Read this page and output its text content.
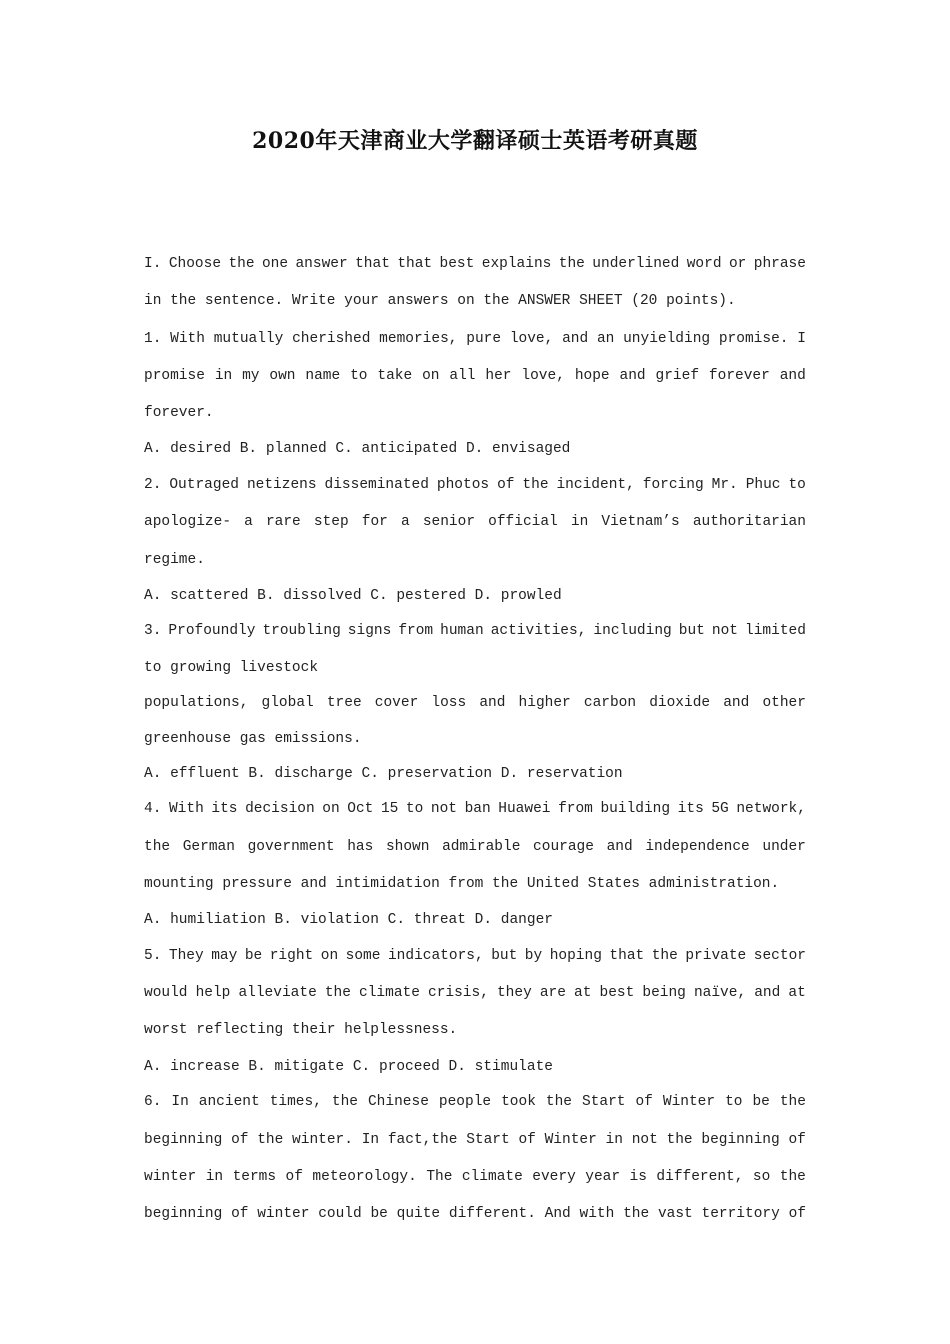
2020年天津商业大学翻译硕士英语考研真题
I. Choose the one answer that that best explains the underlined word or phrase
in the sentence. Write your answers on the ANSWER SHEET (20 points).
1. With mutually cherished memories, pure love, and an unyielding promise. I
promise in my own name to take on all her love, hope and grief forever and
forever.
A. desired B. planned C. anticipated D. envisaged
2. Outraged netizens disseminated photos of the incident, forcing Mr. Phuc to
apologize- a rare step for a senior official in Vietnam’s authoritarian
regime.
A. scattered B. dissolved C. pestered D. prowled
3. Profoundly troubling signs from human activities, including but not limited
to growing livestock
populations, global tree cover loss and higher carbon dioxide and other
greenhouse gas emissions.
A. effluent B. discharge C. preservation D. reservation
4. With its decision on Oct 15 to not ban Huawei from building its 5G network,
the German government has shown admirable courage and independence under
mounting pressure and intimidation from the United States administration.
A. humiliation B. violation C. threat D. danger
5. They may be right on some indicators, but by hoping that the private sector
would help alleviate the climate crisis, they are at best being naïve, and at
worst reflecting their helplessness.
A. increase B. mitigate C. proceed D. stimulate
6. In ancient times, the Chinese people took the Start of Winter to be the
beginning of the winter. In fact,the Start of Winter in not the beginning of
winter in terms of meteorology. The climate every year is different, so the
beginning of winter could be quite different. And with the vast territory of
